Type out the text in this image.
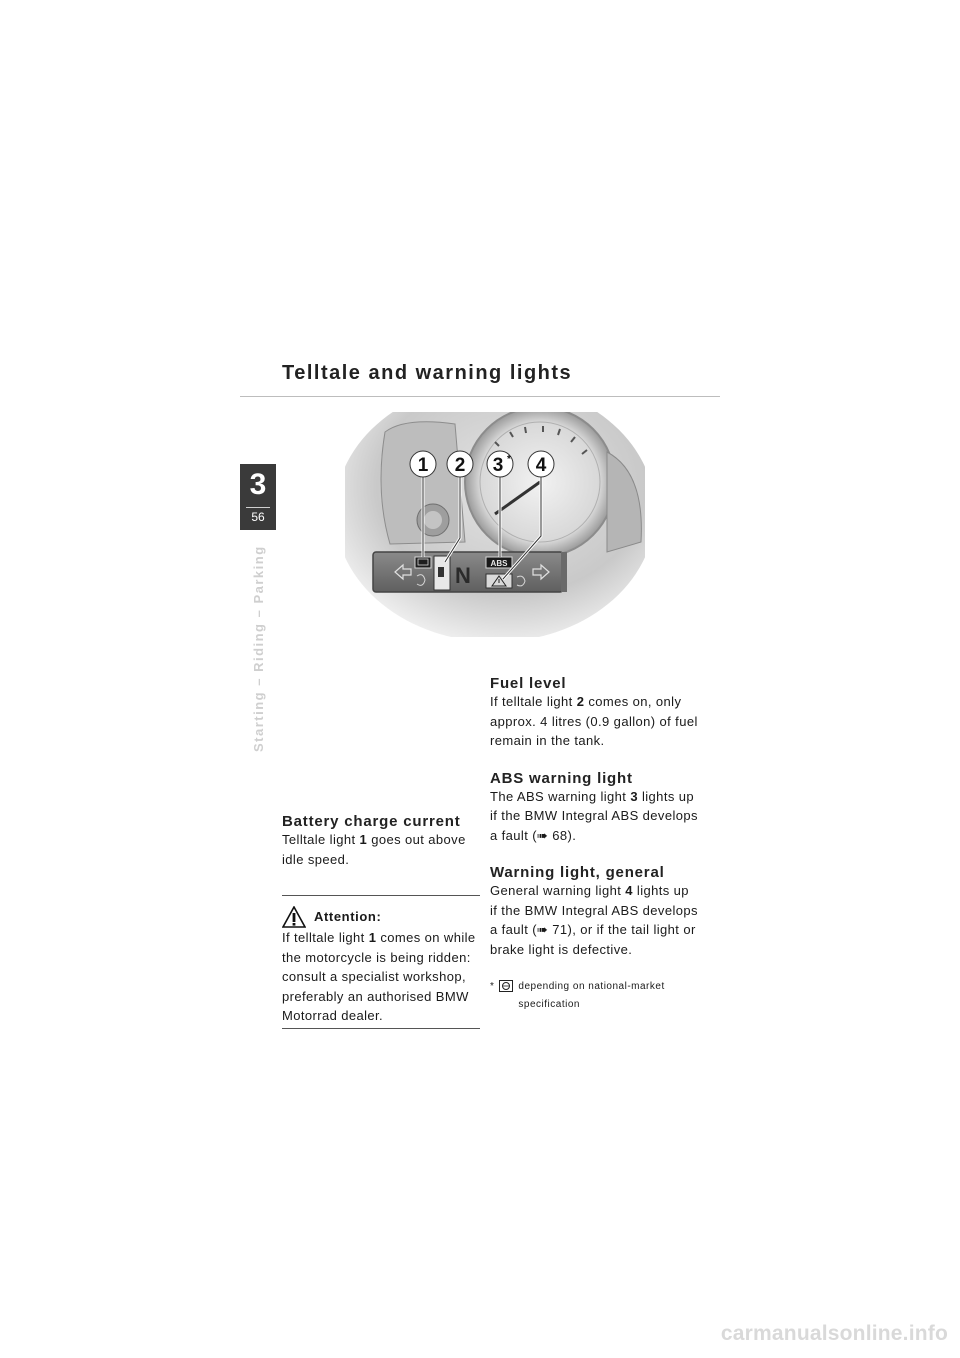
Telltale and warning lights
3
56
Starting – Riding – Parking	N ABS
1 2 3 * 4
Battery charge current

Telltale light 1 goes out above idle speed.

Attention:

If telltale light 1 comes on while the motorcycle is being ridden: consult a specialist workshop, preferably an authorised BMW Motorrad dealer.

Fuel level

If telltale light 2 comes on, only approx. 4 litres (0.9 gallon) of fuel remain in the tank.

ABS warning light

The ABS warning light 3 lights up if the BMW Integral ABS develops a fault (➠ 68).

Warning light, general

General warning light 4 lights up if the BMW Integral ABS develops a fault (➠ 71), or if the tail light or brake light is defective.

* depending on national-market specification
carmanualsonline.info
